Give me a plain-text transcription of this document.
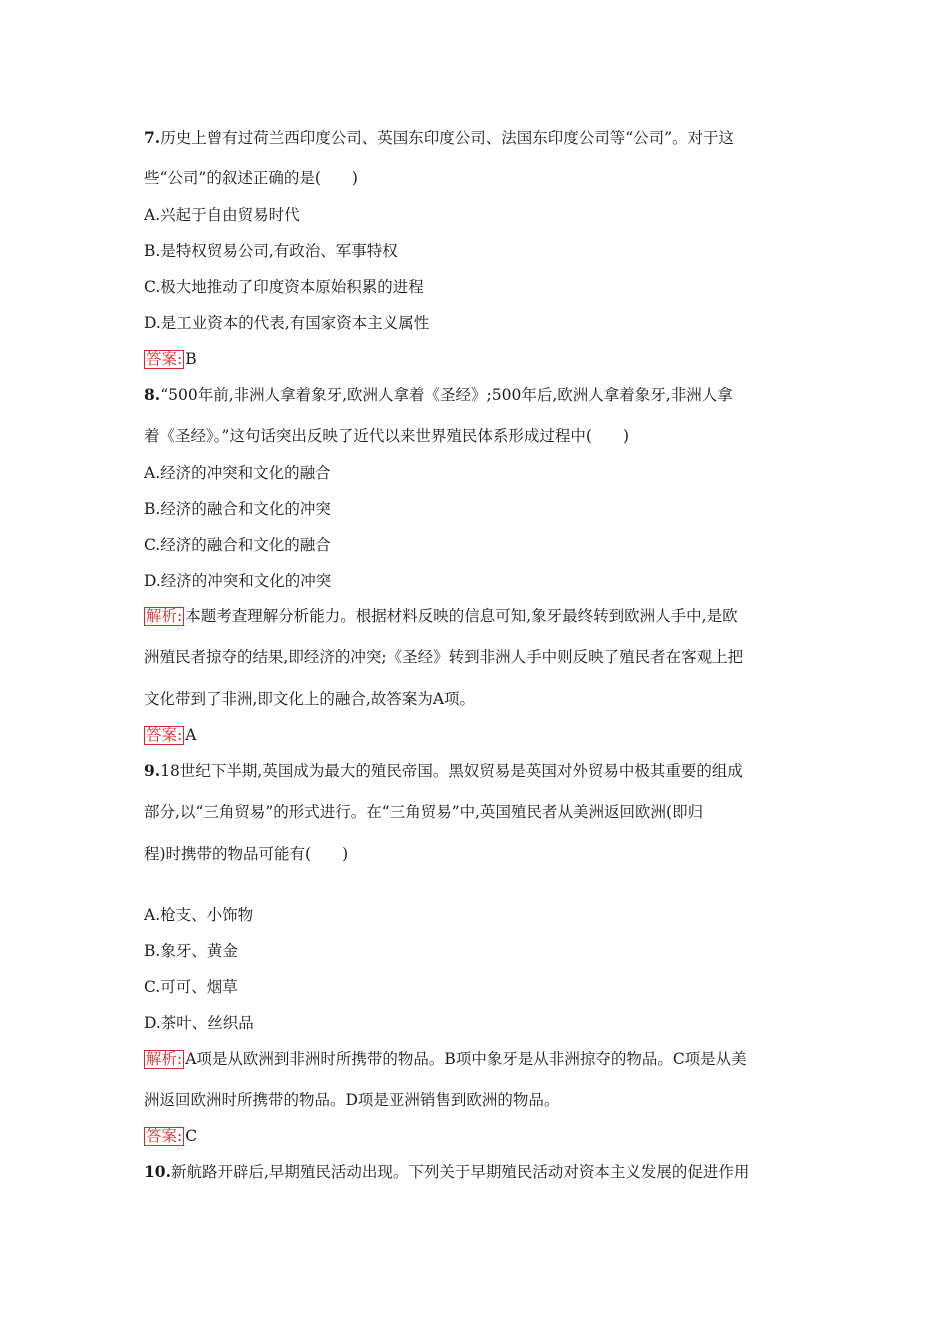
7.历史上曾有过荷兰西印度公司、英国东印度公司、法国东印度公司等“公司”。对于这
些“公司”的叙述正确的是(　　)
A.兴起于自由贸易时代
B.是特权贸易公司,有政治、军事特权
C.极大地推动了印度资本原始积累的进程
D.是工业资本的代表,有国家资本主义属性
答案: B
8.“500年前,非洲人拿着象牙,欧洲人拿着《圣经》;500年后,欧洲人拿着象牙,非洲人拿
着《圣经》。”这句话突出反映了近代以来世界殖民体系形成过程中(　　)
A.经济的冲突和文化的融合
B.经济的融合和文化的冲突
C.经济的融合和文化的融合
D.经济的冲突和文化的冲突
解析: 本题考查理解分析能力。根据材料反映的信息可知,象牙最终转到欧洲人手中,是欧
洲殖民者掠夺的结果,即经济的冲突;《圣经》转到非洲人手中则反映了殖民者在客观上把
文化带到了非洲,即文化上的融合,故答案为A项。
答案: A
9.18世纪下半期,英国成为最大的殖民帝国。黑奴贸易是英国对外贸易中极其重要的组成
部分,以“三角贸易”的形式进行。在“三角贸易”中,英国殖民者从美洲返回欧洲(即归
程)时携带的物品可能有(　　)
A.枪支、小饰物
B.象牙、黄金
C.可可、烟草
D.茶叶、丝织品
解析: A项是从欧洲到非洲时所携带的物品。B项中象牙是从非洲掠夺的物品。C项是从美
洲返回欧洲时所携带的物品。D项是亚洲销售到欧洲的物品。
答案: C
10.新航路开辟后,早期殖民活动出现。下列关于早期殖民活动对资本主义发展的促进作用
